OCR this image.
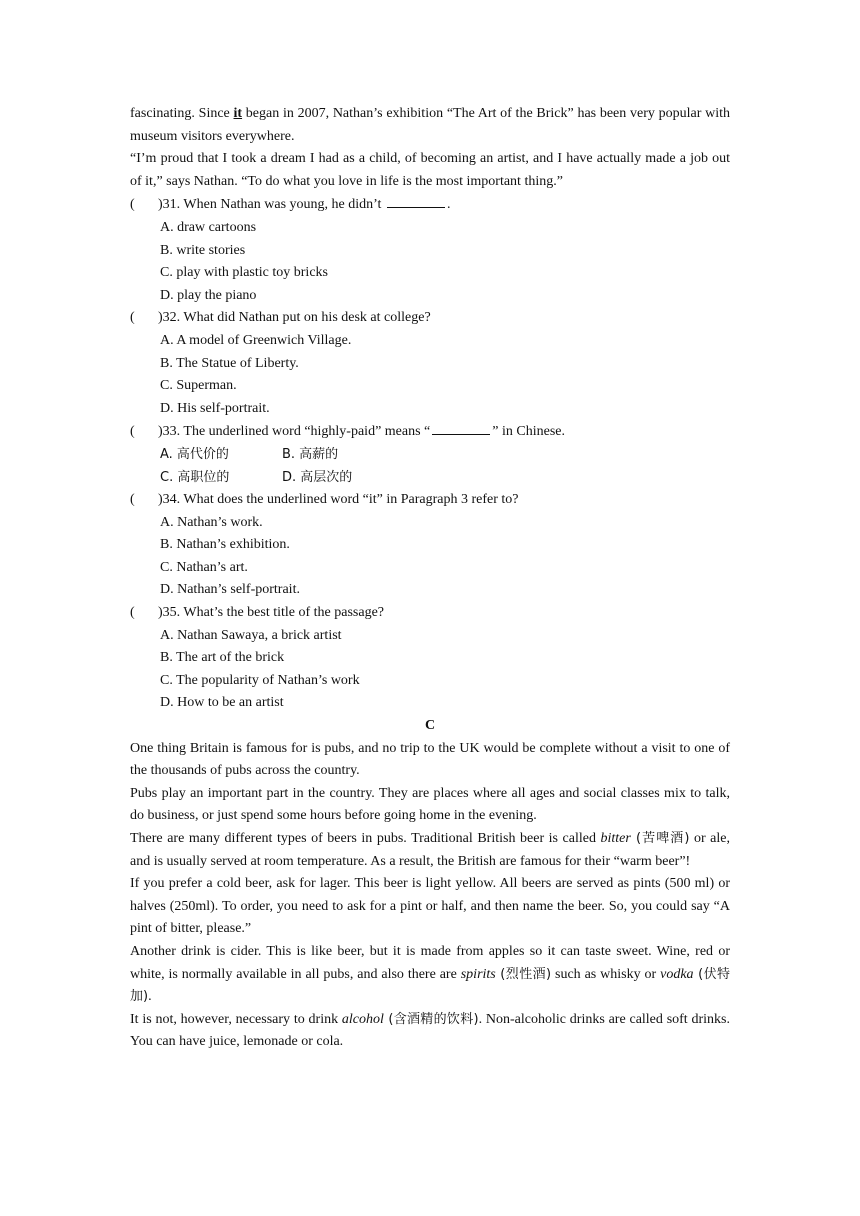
fascinating. Since it began in 2007, Nathan’s exhibition “The Art of the Brick” has been very popular with museum visitors everywhere.

“I’m proud that I took a dream I had as a child, of becoming an artist, and I have actually made a job out of it,” says Nathan. “To do what you love in life is the most important thing.”

( )31. When Nathan was young, he didn’t	.

A. draw cartoons

B. write stories

C. play with plastic toy bricks

D. play the piano

( )32. What did Nathan put on his desk at college?

A. A model of Greenwich Village.

B. The Statue of Liberty.

C. Superman.

D. His self-portrait.

( )33. The underlined word “highly-paid” means “	” in Chinese.

A. 高代价的	B. 高薪的

C. 高职位的	D. 高层次的

( )34. What does the underlined word “it” in Paragraph 3 refer to?

A. Nathan’s work.

B. Nathan’s exhibition.

C. Nathan’s art.

D. Nathan’s self-portrait.

( )35. What’s the best title of the passage?

A. Nathan Sawaya, a brick artist

B. The art of the brick

C. The popularity of Nathan’s work

D. How to be an artist

C

One thing Britain is famous for is pubs, and no trip to the UK would be complete without a visit to one of the thousands of pubs across the country.

Pubs play an important part in the country. They are places where all ages and social classes mix to talk, do business, or just spend some hours before going home in the evening.

There are many different types of beers in pubs. Traditional British beer is called bitter (苦啤酒) or ale, and is usually served at room temperature. As a result, the British are famous for their “warm beer”!

If you prefer a cold beer, ask for lager. This beer is light yellow. All beers are served as pints (500 ml) or halves (250ml). To order, you need to ask for a pint or half, and then name the beer. So, you could say “A pint of bitter, please.”

Another drink is cider. This is like beer, but it is made from apples so it can taste sweet. Wine, red or white, is normally available in all pubs, and also there are spirits (烈性酒) such as whisky or vodka (伏特加).

It is not, however, necessary to drink alcohol (含酒精的饮料). Non-alcoholic drinks are called soft drinks. You can have juice, lemonade or cola.
